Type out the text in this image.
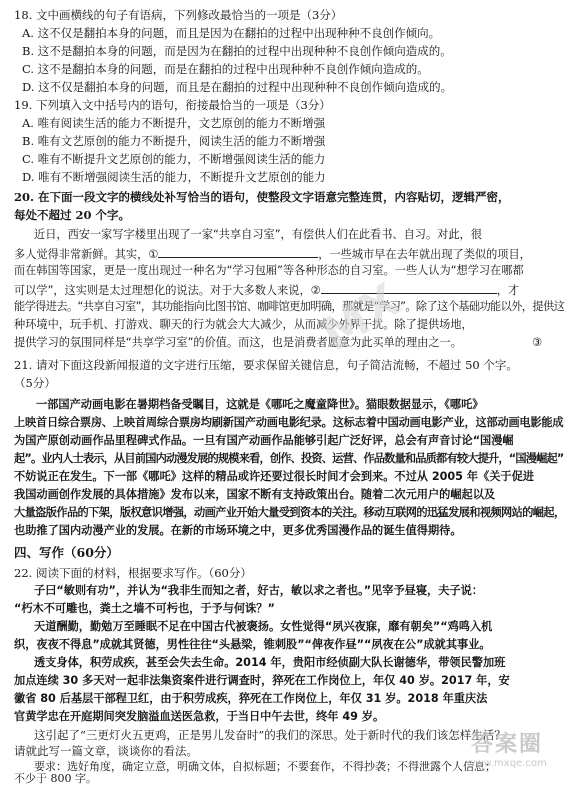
18. 文中画横线的句子有语病，下列修改最恰当的一项是（3分）
A. 这不仅是翻拍本身的问题，而且是因为在翻拍的过程中出现种种不良创作倾向。
B. 这不是翻拍本身的问题，而是因为在翻拍的过程中出现种种不良创作倾向造成的。
C. 这不是翻拍本身的问题，而是在翻拍的过程中出现种种不良创作倾向造成的。
D. 这不仅是翻拍本身的问题，而且是在翻拍的过程中出现种种不良创作倾向造成的。
19. 下列填入文中括号内的语句，衔接最恰当的一项是（3分）
A. 唯有阅读生活的能力不断提升，文艺原创的能力不断增强
B. 唯有文艺原创的能力不断提升，阅读生活的能力不断增强
C. 唯有不断提升文艺原创的能力，不断增强阅读生活的能力
D. 唯有不断增强阅读生活的能力，不断提升文艺原创的能力
20. 在下面一段文字的横线处补写恰当的语句，使整段文字语意完整连贯，内容贴切，逻辑严密，
每处不超过 20 个字。
近日，西安一家写字楼里出现了一家“共享自习室”，有偿供人们在此看书、自习。对此，很
多人觉得非常新鲜。其实，①	，一些城市早在去年就出现了类似的项目，
而在韩国等国家，更是一度出现过一种名为“学习包厢”等各种形态的自习室。一些人认为“想学习在哪都
可以学”，这实则是太过理想化的说法。对于大多数人来说，②	，才
能学得进去。“共享自习室”，其功能指向比图书馆、咖啡馆更加明确，那就是“学习”。除了这个基础功能以外，提供这
种环境中，玩手机、打游戏、聊天的行为就会大大减少，从而减少外界干扰。除了提供场地，
提供学习的氛围同样是“共享学习室”的价值。而这，也是消费者愿意为此买单的理由之一。	③
21. 请对下面这段新闻报道的文字进行压缩，要求保留关键信息，句子简洁流畅，不超过 50 个字。
（5分）
一部国产动画电影在暑期档备受瞩目，这就是《哪吒之魔童降世》。猫眼数据显示，《哪吒》
上映首日综合票房、上映首周综合票房均刷新国产动画电影纪录。这标志着中国动画电影产业，这部动画电影能成
为国产原创动画作品里程碑式作品。一旦有国产动画作品能够引起广泛好评，总会有声音讨论“国漫崛
起”。业内人士表示，从目前国内动漫发展的规模来看，创作、投资、运营、作品数量和品质都有较大提升，“国漫崛起”
不妨说正在发生。下一部《哪吒》这样的精品或许还要过很长时间才会到来。不过从 2005 年《关于促进
我国动画创作发展的具体措施》发布以来，国家不断有支持政策出台。随着二次元用户的崛起以及
大量盗版作品的下架，版权意识增强，动画产业开始大量受到资本的关注。移动互联网的迅猛发展和视频网站的崛起，
也助推了国内动漫产业的发展。在新的市场环境之中，更多优秀国漫作品的诞生值得期待。
四、写作（60分）
22. 阅读下面的材料，根据要求写作。（60分）
子曰“敏则有功”，并认为“我非生而知之者，好古，敏以求之者也。”见宰予昼寝，夫子说：
“朽木不可雕也，粪土之墙不可杇也，于予与何诛？”
天道酬勤，勤勉万至睡眠不足在中国古代被褒扬。女性觉得“夙兴夜寐，靡有朝矣”“鸡鸣入机
织，夜夜不得息”成就其贤德，男性往往“头悬梁，锥刺股”“俾夜作昼”“夙夜在公”成就其事业。
透支身体，积劳成疾，甚至会失去生命。2014 年，贵阳市经侦副大队长谢德华，带领民警加班
加点连续 30 多天对一起非法集资案件进行调查时，猝死在工作岗位上，年仅 40 岁。2017 年，安
徽省 80 后基层干部程卫红，由于积劳成疾，猝死在工作岗位上，年仅 31 岁。2018 年重庆法
官黄学忠在开庭期间突发脑溢血送医急救，于当日中午去世，终年 49 岁。
这引起了“三更灯火五更鸡，正是男儿发奋时”的我们的深思。处于新时代的我们该怎样生活？
请就此写一篇文章，谈谈你的看法。
要求：选好角度，确定立意，明确文体，自拟标题；不要套作，不得抄袭；不得泄露个人信息；
不少于 800 字。
MX
答案圈
www.mxqe.com
